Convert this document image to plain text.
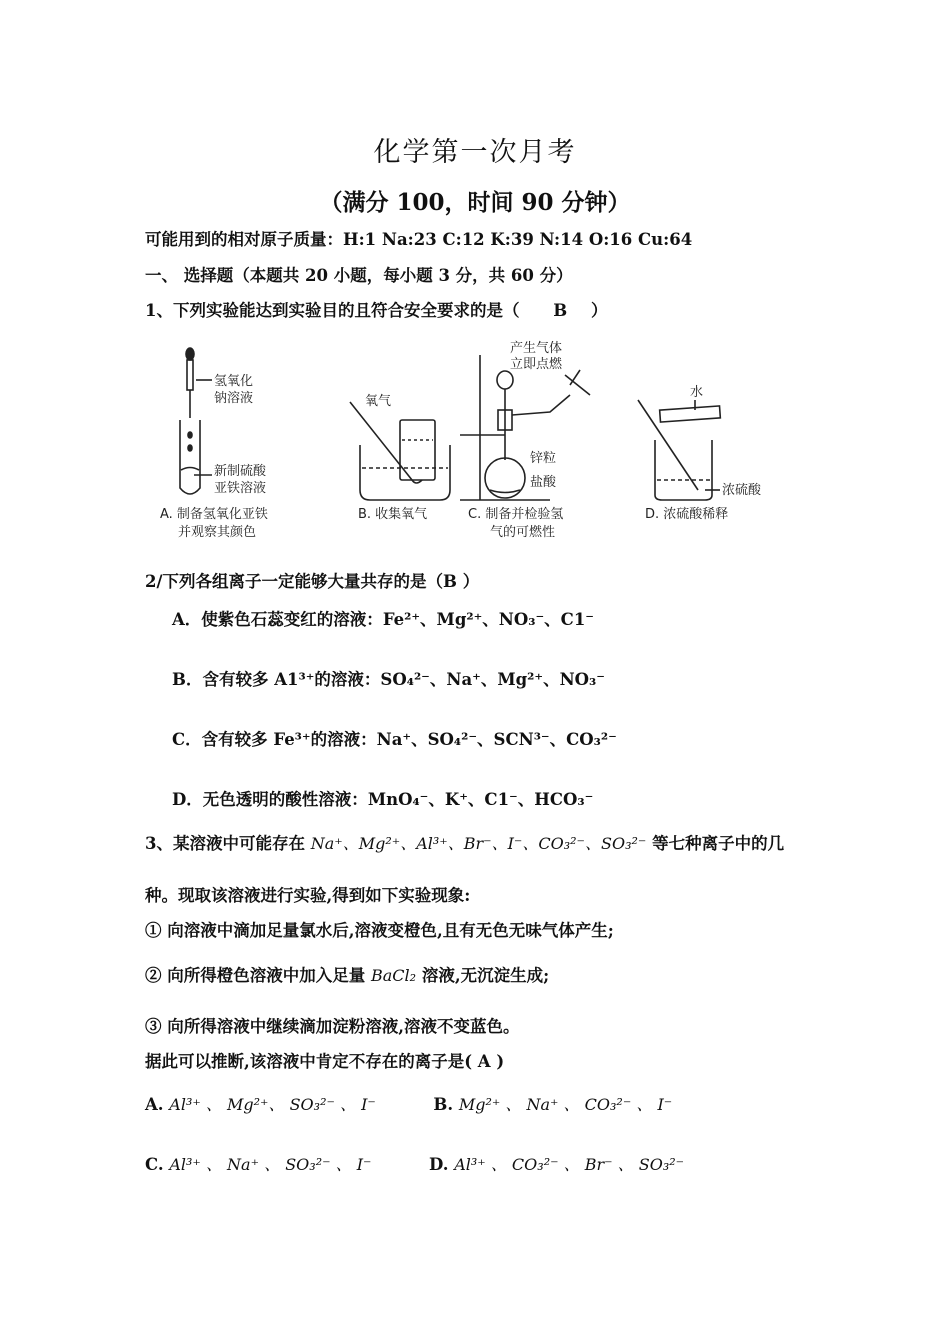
化学第一次月考
（满分 100，时间 90 分钟）
可能用到的相对原子质量：H:1 Na:23 C:12 K:39 N:14 O:16 Cu:64
一、 选择题（本题共 20 小题，每小题 3 分，共 60 分）
1、下列实验能达到实验目的且符合安全要求的是（ B ）
氢氧化
钠溶液
新制硫酸
亚铁溶液
A. 制备氢氧化亚铁
并观察其颜色
氧气
B. 收集氧气
产生气体
立即点燃
锌粒
盐酸
C. 制备并检验氢
气的可燃性
水
浓硫酸
D. 浓硫酸稀释
2/下列各组离子一定能够大量共存的是（B ）
A．使紫色石蕊变红的溶液：Fe²⁺、Mg²⁺、NO₃⁻、C1⁻
B．含有较多 A1³⁺的溶液：SO₄²⁻、Na⁺、Mg²⁺、NO₃⁻
C．含有较多 Fe³⁺的溶液：Na⁺、SO₄²⁻、SCN³⁻、CO₃²⁻
D．无色透明的酸性溶液：MnO₄⁻、K⁺、C1⁻、HCO₃⁻
3、某溶液中可能存在 Na⁺、Mg²⁺、Al³⁺、Br⁻、I⁻、CO₃²⁻、SO₃²⁻ 等七种离子中的几
种。现取该溶液进行实验,得到如下实验现象:
① 向溶液中滴加足量氯水后,溶液变橙色,且有无色无味气体产生;
② 向所得橙色溶液中加入足量 BaCl₂ 溶液,无沉淀生成;
③ 向所得溶液中继续滴加淀粉溶液,溶液不变蓝色。
据此可以推断,该溶液中肯定不存在的离子是( A )
A. Al³⁺ 、 Mg²⁺、 SO₃²⁻ 、 I⁻	B. Mg²⁺ 、 Na⁺ 、 CO₃²⁻ 、 I⁻
C. Al³⁺ 、 Na⁺ 、 SO₃²⁻ 、 I⁻	D. Al³⁺ 、 CO₃²⁻ 、 Br⁻ 、 SO₃²⁻
